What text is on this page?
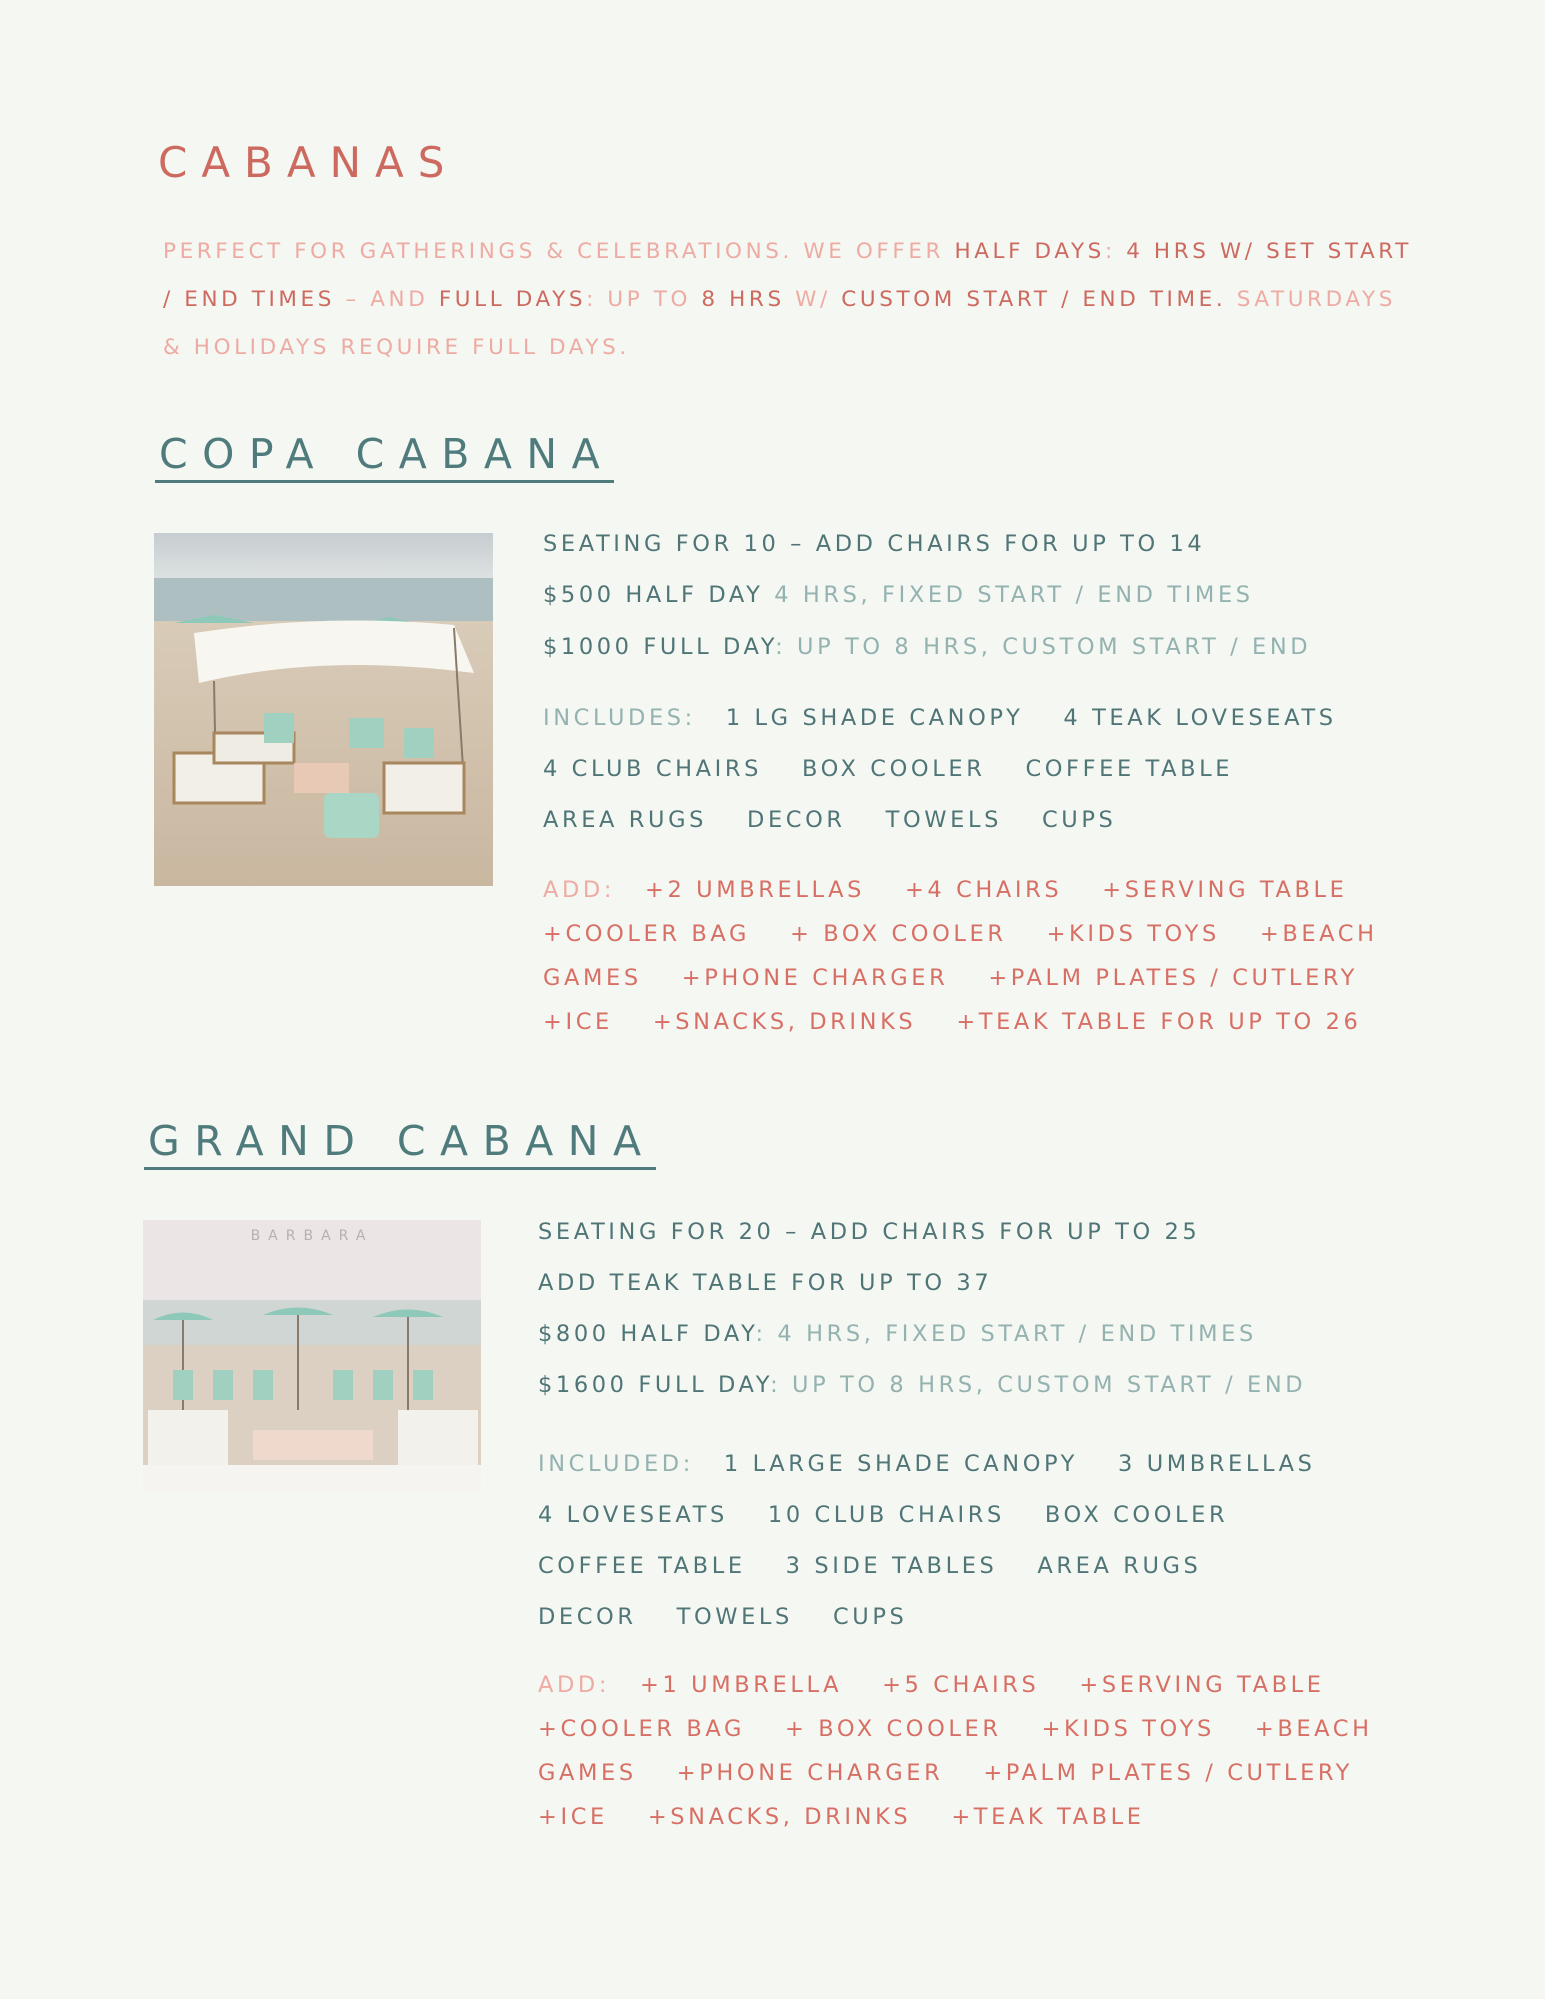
CABANAS
PERFECT FOR GATHERINGS & CELEBRATIONS. WE OFFER HALF DAYS: 4 HRS W/ SET START / END TIMES – AND FULL DAYS: UP TO 8 HRS W/ CUSTOM START / END TIME. SATURDAYS & HOLIDAYS REQUIRE FULL DAYS.
COPA CABANA
SEATING FOR 10 – ADD CHAIRS FOR UP TO 14
$500 HALF DAY 4 HRS, FIXED START / END TIMES
$1000 FULL DAY: UP TO 8 HRS, CUSTOM START / END
INCLUDES: 1 LG SHADE CANOPY 4 TEAK LOVESEATS
4 CLUB CHAIRS BOX COOLER COFFEE TABLE
AREA RUGS DECOR TOWELS CUPS
ADD: +2 UMBRELLAS +4 CHAIRS +SERVING TABLE
+COOLER BAG + BOX COOLER +KIDS TOYS +BEACH
GAMES +PHONE CHARGER +PALM PLATES / CUTLERY
+ICE +SNACKS, DRINKS +TEAK TABLE FOR UP TO 26
GRAND CABANA
BARBARA	SEATING FOR 20 – ADD CHAIRS FOR UP TO 25
ADD TEAK TABLE FOR UP TO 37
$800 HALF DAY: 4 HRS, FIXED START / END TIMES
$1600 FULL DAY: UP TO 8 HRS, CUSTOM START / END
INCLUDED: 1 LARGE SHADE CANOPY 3 UMBRELLAS
4 LOVESEATS 10 CLUB CHAIRS BOX COOLER
COFFEE TABLE 3 SIDE TABLES AREA RUGS
DECOR TOWELS CUPS
ADD: +1 UMBRELLA +5 CHAIRS +SERVING TABLE
+COOLER BAG + BOX COOLER +KIDS TOYS +BEACH
GAMES +PHONE CHARGER +PALM PLATES / CUTLERY
+ICE +SNACKS, DRINKS +TEAK TABLE
